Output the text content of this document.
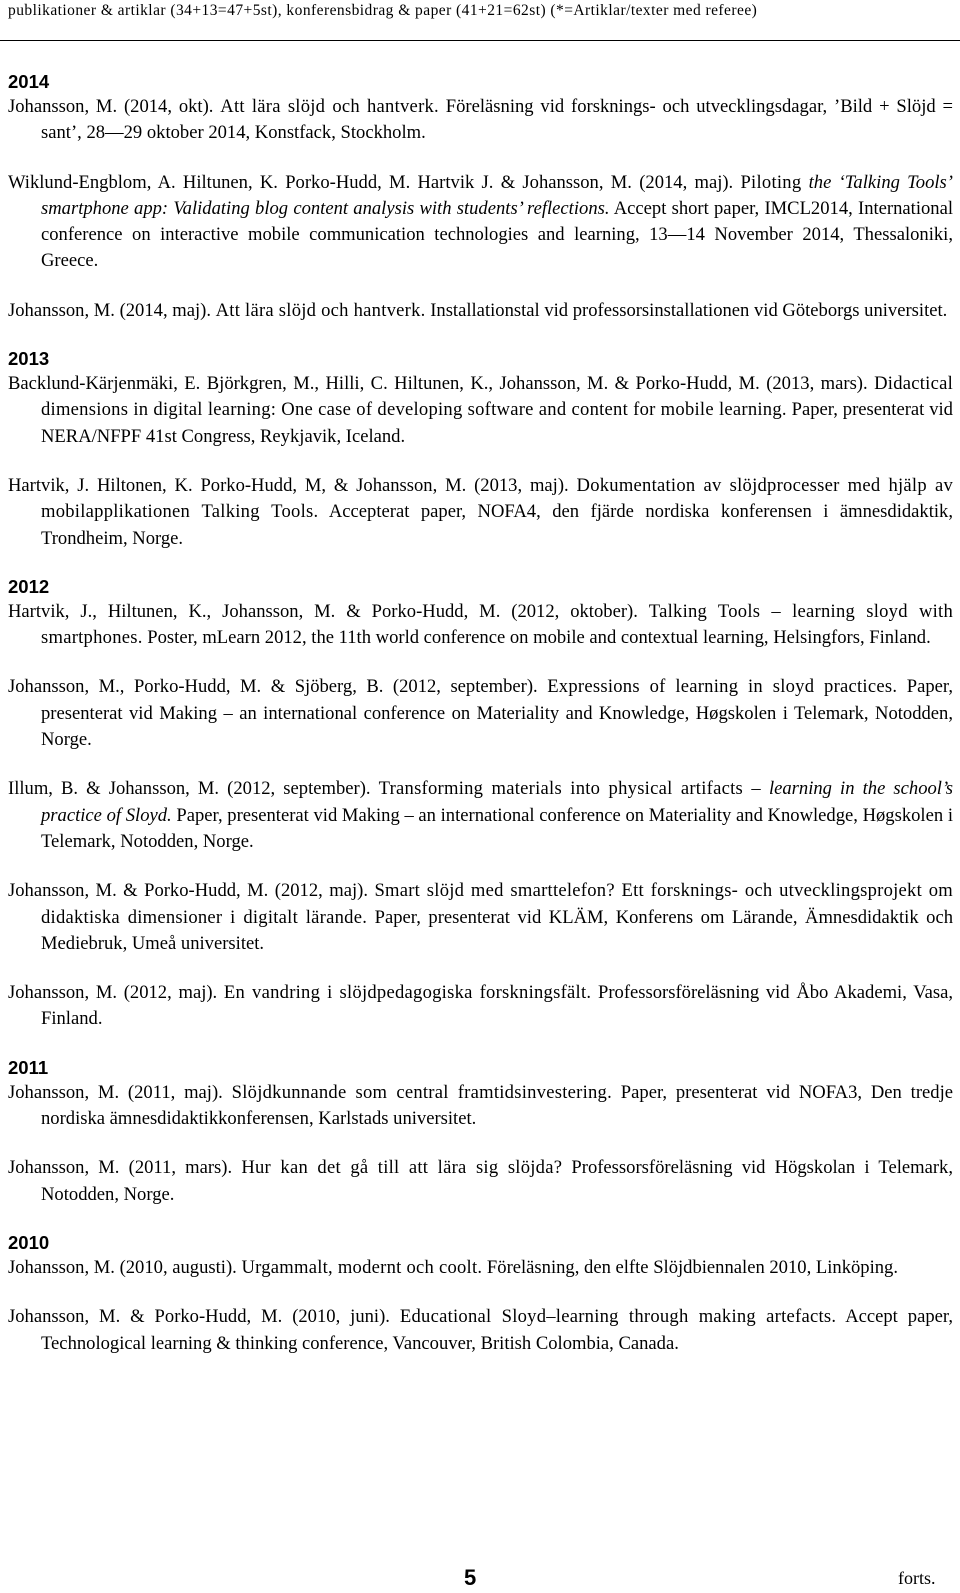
publikationer & artiklar (34+13=47+5st), konferensbidrag & paper (41+21=62st) (*=Artiklar/texter med referee)
2014
Johansson, M. (2014, okt). Att lära slöjd och hantverk. Föreläsning vid forsknings- och utvecklingsdagar, ’Bild + Slöjd = sant’, 28—29 oktober 2014, Konstfack, Stockholm.
Wiklund-Engblom, A. Hiltunen, K. Porko-Hudd, M. Hartvik J. & Johansson, M. (2014, maj). Piloting the ‘Talking Tools’ smartphone app: Validating blog content analysis with students’ reflections. Accept short paper, IMCL2014, International conference on interactive mobile communication technologies and learning, 13—14 November 2014, Thessaloniki, Greece.
Johansson, M. (2014, maj). Att lära slöjd och hantverk. Installationstal vid professorsinstallationen vid Göteborgs universitet.
2013
Backlund-Kärjenmäki, E. Björkgren, M., Hilli, C. Hiltunen, K., Johansson, M. & Porko-Hudd, M. (2013, mars). Didactical dimensions in digital learning: One case of developing software and content for mobile learning. Paper, presenterat vid NERA/NFPF 41st Congress, Reykjavik, Iceland.
Hartvik, J. Hiltonen, K. Porko-Hudd, M, & Johansson, M. (2013, maj). Dokumentation av slöjdprocesser med hjälp av mobilapplikationen Talking Tools. Accepterat paper, NOFA4, den fjärde nordiska konferensen i ämnesdidaktik, Trondheim, Norge.
2012
Hartvik, J., Hiltunen, K., Johansson, M. & Porko-Hudd, M. (2012, oktober). Talking Tools – learning sloyd with smartphones. Poster, mLearn 2012, the 11th world conference on mobile and contextual learning, Helsingfors, Finland.
Johansson, M., Porko-Hudd, M. & Sjöberg, B. (2012, september). Expressions of learning in sloyd practices. Paper, presenterat vid Making – an international conference on Materiality and Knowledge, Høgskolen i Telemark, Notodden, Norge.
Illum, B. & Johansson, M. (2012, september). Transforming materials into physical artifacts – learning in the school’s practice of Sloyd. Paper, presenterat vid Making – an international conference on Materiality and Knowledge, Høgskolen i Telemark, Notodden, Norge.
Johansson, M. & Porko-Hudd, M. (2012, maj). Smart slöjd med smarttelefon? Ett forsknings- och utvecklingsprojekt om didaktiska dimensioner i digitalt lärande. Paper, presenterat vid KLÄM, Konferens om Lärande, Ämnesdidaktik och Mediebruk, Umeå universitet.
Johansson, M. (2012, maj). En vandring i slöjdpedagogiska forskningsfält. Professorsföreläsning vid Åbo Akademi, Vasa, Finland.
2011
Johansson, M. (2011, maj). Slöjdkunnande som central framtidsinvestering. Paper, presenterat vid NOFA3, Den tredje nordiska ämnesdidaktikkonferensen, Karlstads universitet.
Johansson, M. (2011, mars). Hur kan det gå till att lära sig slöjda? Professorsföreläsning vid Högskolan i Telemark, Notodden, Norge.
2010
Johansson, M. (2010, augusti). Urgammalt, modernt och coolt. Föreläsning, den elfte Slöjdbiennalen 2010, Linköping.
Johansson, M. & Porko-Hudd, M. (2010, juni). Educational Sloyd–learning through making artefacts. Accept paper, Technological learning & thinking conference, Vancouver, British Colombia, Canada.
5	forts.
